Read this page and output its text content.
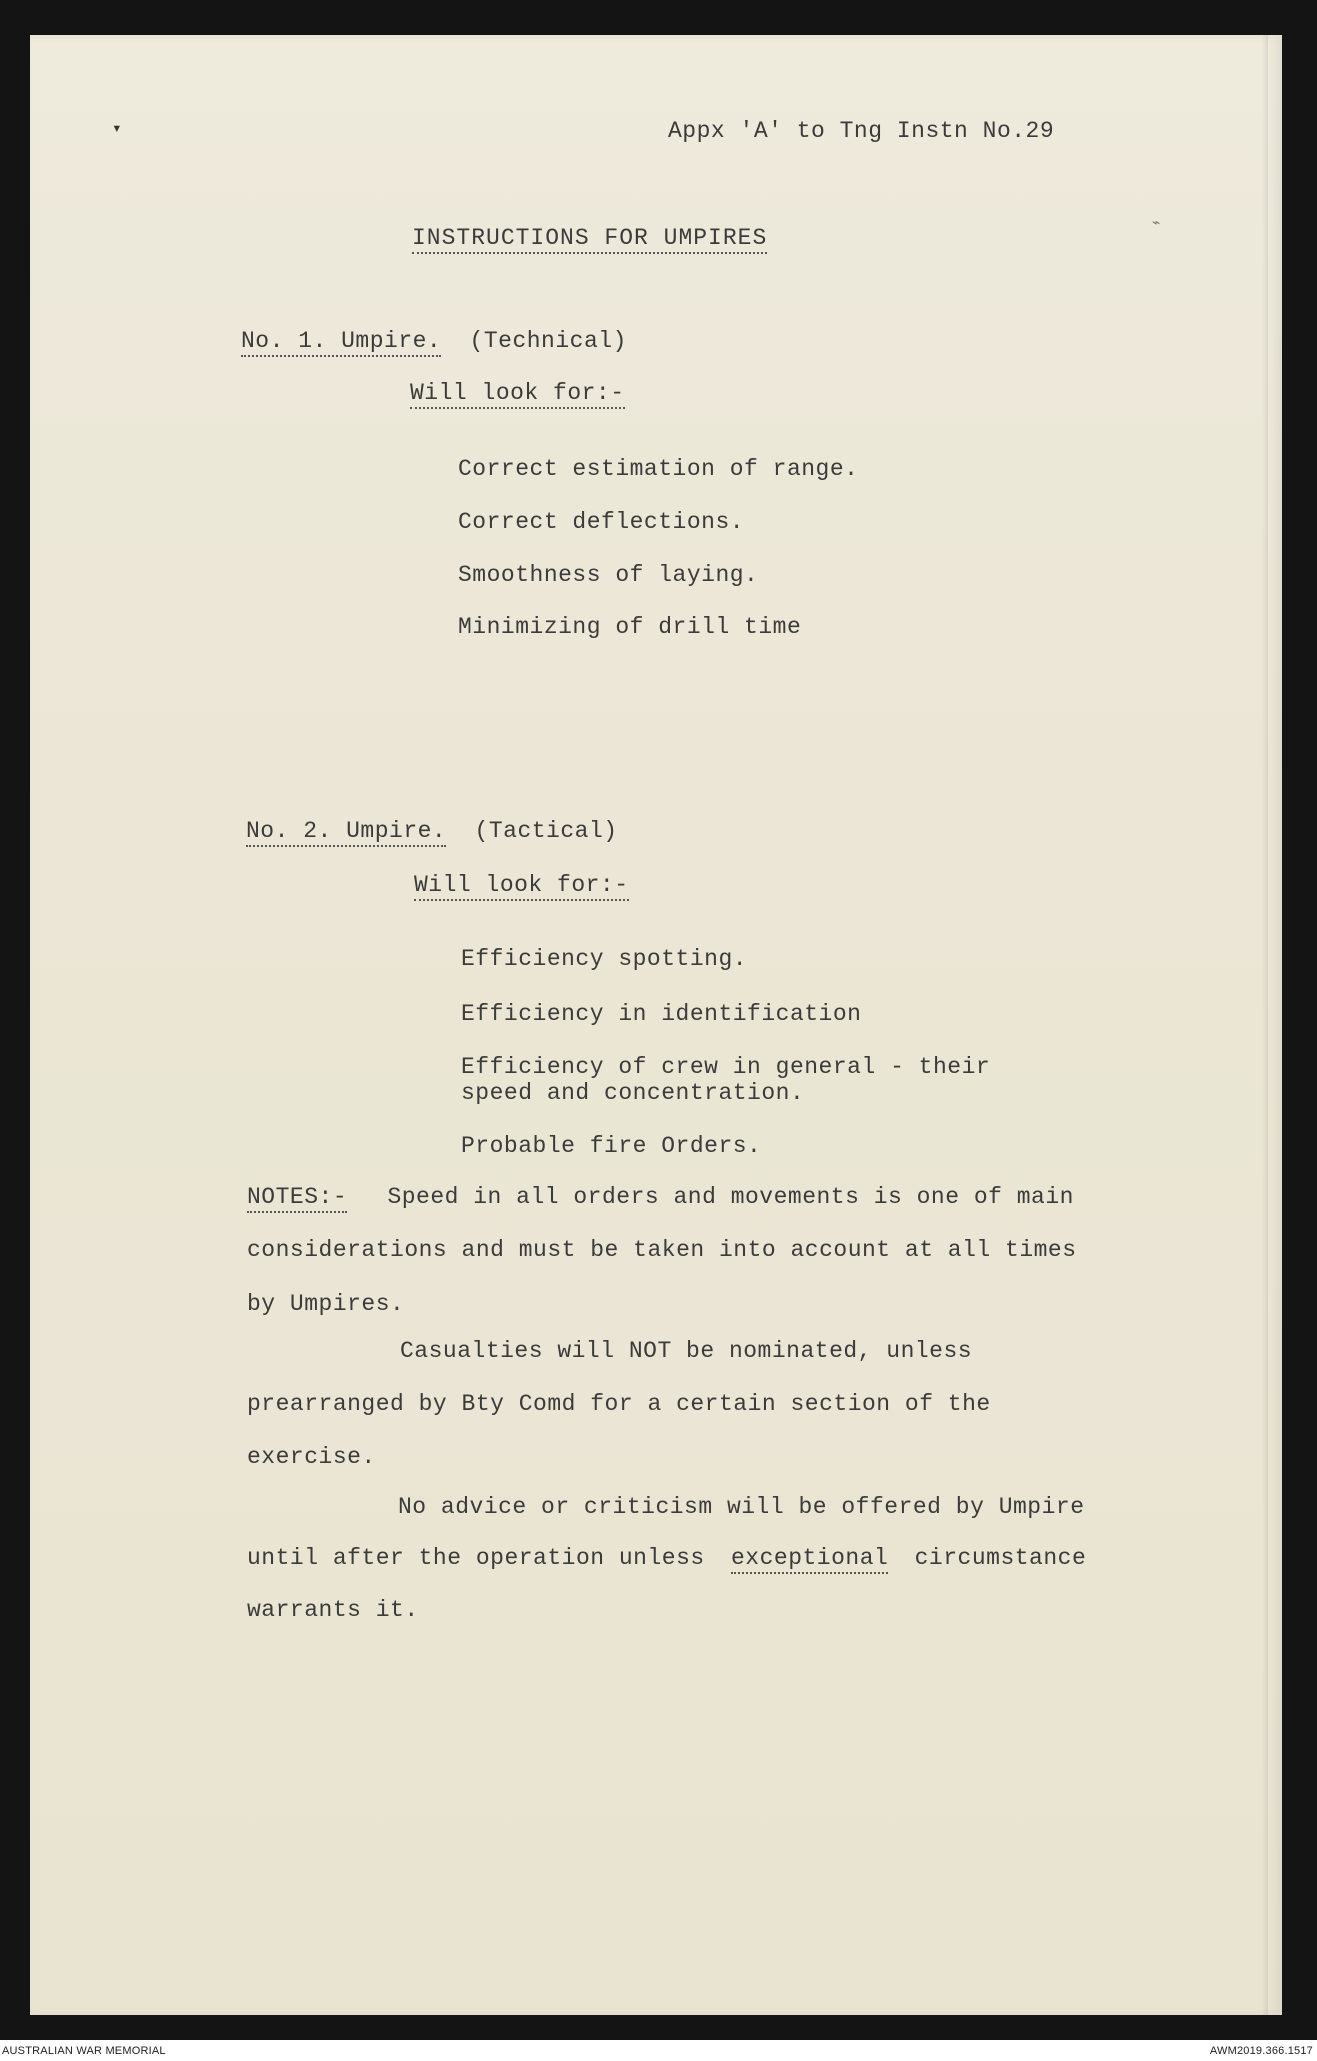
▾
⌁
Appx 'A' to Tng Instn No.29
INSTRUCTIONS FOR UMPIRES
No. 1. Umpire. (Technical)
Will look for:-
Correct estimation of range.
Correct deflections.
Smoothness of laying.
Minimizing of drill time
No. 2. Umpire. (Tactical)
Will look for:-
Efficiency spotting.
Efficiency in identification
Efficiency of crew in general - their
speed and concentration.
Probable fire Orders.
NOTES:- Speed in all orders and movements is one of main
considerations and must be taken into account at all times
by Umpires.
Casualties will NOT be nominated, unless
prearranged by Bty Comd for a certain section of the
exercise.
No advice or criticism will be offered by Umpire
until after the operation unless exceptional circumstance
warrants it.
AUSTRALIAN WAR MEMORIAL	AWM2019.366.1517
